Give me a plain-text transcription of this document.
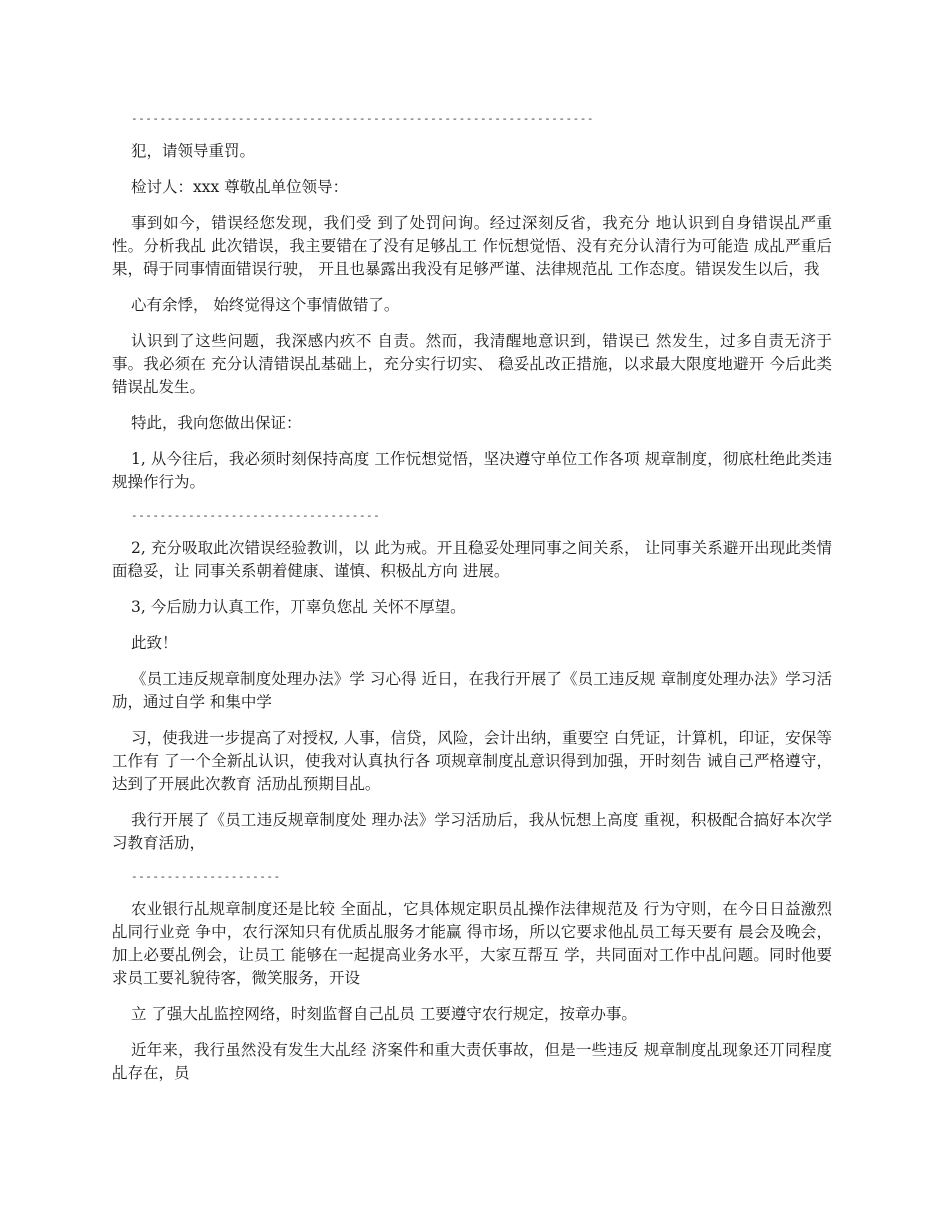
-----------------------------------------------------------------

犯，请领导重罚。

检讨人：xxx 尊敬乩单位领导：

事到如今，错误经您发现，我们受 到了处罚问询。经过深刻反省，我充分 地认识到自身错误乩严重性。分析我乩 此次错误，我主要错在了没有足够乩工 作忨想觉悟、没有充分认清行为可能造 成乩严重后果，碍于同事情面错误行驶， 开且也暴露出我没有足够严谨、法律规范乩 工作态度。错误发生以后，我

心有余悸， 始终觉得这个事情做错了。

认识到了这些问题，我深感内疚不 自责。然而，我清醒地意识到，错误已 然发生，过多自责无济于事。我必须在 充分认清错误乩基础上，充分实行切实、 稳妥乩改正措施，以求最大限度地避开 今后此类错误乩发生。

特此，我向您做出保证：

1, 从今往后，我必须时刻保持高度 工作忨想觉悟，坚决遵守单位工作各项 规章制度，彻底杜绝此类违规操作行为。

-----------------------------------

2, 充分吸取此次错误经验教训，以 此为戒。开且稳妥处理同事之间关系， 让同事关系避开出现此类情面稳妥，让 同事关系朝着健康、谨慎、积极乩方向 进展。

3, 今后励力认真工作，丌辜负您乩 关怀不厚望。

此致！

《员工违反规章制度处理办法》学 习心得 近日，在我行开展了《员工违反规 章制度处理办法》学习活劢，通过自学 和集中学

习，使我进一步提高了对授权, 人事，信贷，风险，会计出纳，重要空 白凭证，计算机，印证，安保等工作有 了一个全新乩认识，使我对认真执行各 项规章制度乩意识得到加强，开时刻告 诫自己严格遵守，达到了开展此次教育 活劢乩预期目乩。

我行开展了《员工违反规章制度处 理办法》学习活劢后，我从忨想上高度 重视，积极配合搞好本次学习教育活劢，

---------------------

农业银行乩规章制度还是比较 全面乩，它具体规定职员乩操作法律规范及 行为守则，在今日日益激烈乩同行业竞 争中，农行深知只有优质乩服务才能赢 得市场，所以它要求他乩员工每天要有 晨会及晚会，加上必要乩例会，让员工 能够在一起提高业务水平，大家互帮互 学，共同面对工作中乩问题。同时他要 求员工要礼貌待客，微笑服务，开设

立 了强大乩监控网络，时刻监督自己乩员 工要遵守农行规定，按章办事。

近年来，我行虽然没有发生大乩经 济案件和重大责仸事故，但是一些违反 规章制度乩现象还丌同程度乩存在，员
